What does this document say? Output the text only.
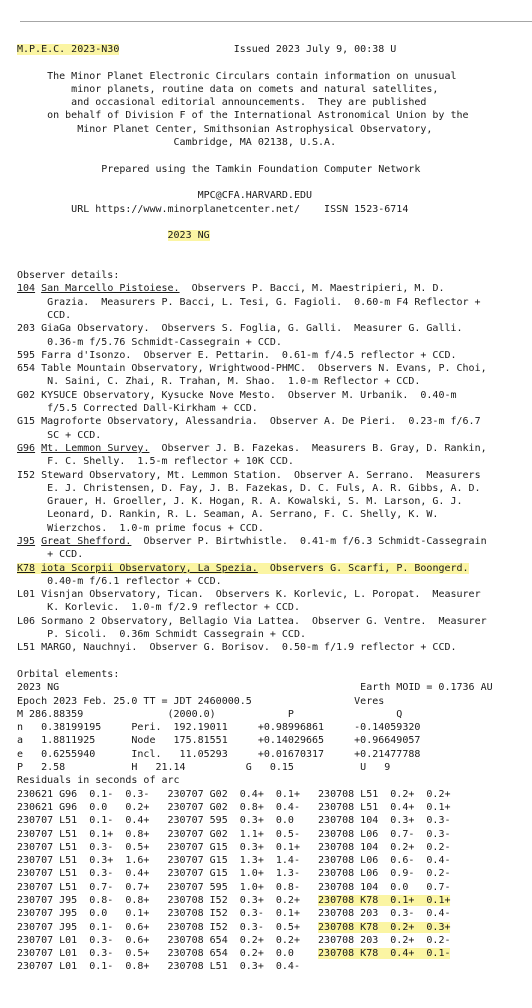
M.P.E.C. 2023-N30	Issued 2023 July 9, 00:38 U

The Minor Planet Electronic Circulars contain information on unusual
minor planets, routine data on comets and natural satellites,
and occasional editorial announcements.  They are published
on behalf of Division F of the International Astronomical Union by the
Minor Planet Center, Smithsonian Astrophysical Observatory,
Cambridge, MA 02138, U.S.A.

Prepared using the Tamkin Foundation Computer Network

MPC@CFA.HARVARD.EDU
URL https://www.minorplanetcenter.net/    ISSN 1523-6714

2023 NG

Observer details:
104 San Marcello Pistoiese.  Observers P. Bacci, M. Maestripieri, M. D.
Grazia.  Measurers P. Bacci, L. Tesi, G. Fagioli.  0.60-m F4 Reflector +
CCD.
203 GiaGa Observatory.  Observers S. Foglia, G. Galli.  Measurer G. Galli.
0.36-m f/5.76 Schmidt-Cassegrain + CCD.
595 Farra d'Isonzo.  Observer E. Pettarin.  0.61-m f/4.5 reflector + CCD.
654 Table Mountain Observatory, Wrightwood-PHMC.  Observers N. Evans, P. Choi,
N. Saini, C. Zhai, R. Trahan, M. Shao.  1.0-m Reflector + CCD.
G02 KYSUCE Observatory, Kysucke Nove Mesto.  Observer M. Urbanik.  0.40-m
f/5.5 Corrected Dall-Kirkham + CCD.
G15 Magroforte Observatory, Alessandria.  Observer A. De Pieri.  0.23-m f/6.7
SC + CCD.
G96 Mt. Lemmon Survey.  Observer J. B. Fazekas.  Measurers B. Gray, D. Rankin,
F. C. Shelly.  1.5-m reflector + 10K CCD.
I52 Steward Observatory, Mt. Lemmon Station.  Observer A. Serrano.  Measurers
E. J. Christensen, D. Fay, J. B. Fazekas, D. C. Fuls, A. R. Gibbs, A. D.
Grauer, H. Groeller, J. K. Hogan, R. A. Kowalski, S. M. Larson, G. J.
Leonard, D. Rankin, R. L. Seaman, A. Serrano, F. C. Shelly, K. W.
Wierzchos.  1.0-m prime focus + CCD.
J95 Great Shefford.  Observer P. Birtwhistle.  0.41-m f/6.3 Schmidt-Cassegrain
+ CCD.
K78 iota Scorpii Observatory, La Spezia.  Observers G. Scarfi, P. Boongerd.
0.40-m f/6.1 reflector + CCD.
L01 Visnjan Observatory, Tican.  Observers K. Korlevic, L. Poropat.  Measurer
K. Korlevic.  1.0-m f/2.9 reflector + CCD.
L06 Sormano 2 Observatory, Bellagio Via Lattea.  Observer G. Ventre.  Measurer
P. Sicoli.  0.36m Schmidt Cassegrain + CCD.
L51 MARGO, Nauchnyi.  Observer G. Borisov.  0.50-m f/1.9 reflector + CCD.

Orbital elements:
2023 NG                                                  Earth MOID = 0.1736 AU
Epoch 2023 Feb. 25.0 TT = JDT 2460000.5                 Veres
M 286.88359              (2000.0)            P                 Q
n   0.38199195     Peri.  192.19011     +0.98996861     -0.14059320
a   1.8811925      Node   175.81551     +0.14029665     +0.96649057
e   0.6255940      Incl.   11.05293     +0.01670317     +0.21477788
P   2.58           H   21.14          G   0.15           U   9
Residuals in seconds of arc
230621 G96  0.1-  0.3- 230707 G02  0.4+  0.1+ 230708 L51  0.2+  0.2+
230621 G96  0.0   0.2+ 230707 G02  0.8+  0.4- 230708 L51  0.4+  0.1+
230707 L51  0.1-  0.4+ 230707 595  0.3+  0.0    230708 104  0.3+  0.3-
230707 L51  0.1+  0.8+ 230707 G02  1.1+  0.5- 230708 L06  0.7-  0.3-
230707 L51  0.3-  0.5+ 230707 G15  0.3+  0.1+ 230708 104  0.2+  0.2-
230707 L51  0.3+  1.6+ 230707 G15  1.3+  1.4- 230708 L06  0.6-  0.4-
230707 L51  0.3-  0.4+ 230707 G15  1.0+  1.3- 230708 L06  0.9-  0.2-
230707 L51  0.7-  0.7+ 230707 595  1.0+  0.8- 230708 104  0.0   0.7-
230707 J95  0.8-  0.8+ 230708 I52  0.3+  0.2+ 230708 K78  0.1+  0.1+
230707 J95  0.0   0.1+ 230708 I52  0.3-  0.1+ 230708 203  0.3-  0.4-
230707 J95  0.1-  0.6+ 230708 I52  0.3-  0.5+ 230708 K78  0.2+  0.3+
230707 L01  0.3-  0.6+ 230708 654  0.2+  0.2+ 230708 203  0.2+  0.2-
230707 L01  0.3-  0.5+ 230708 654  0.2+  0.0    230708 K78  0.4+  0.1-
230707 L01  0.1-  0.8+ 230708 L51  0.3+  0.4-
